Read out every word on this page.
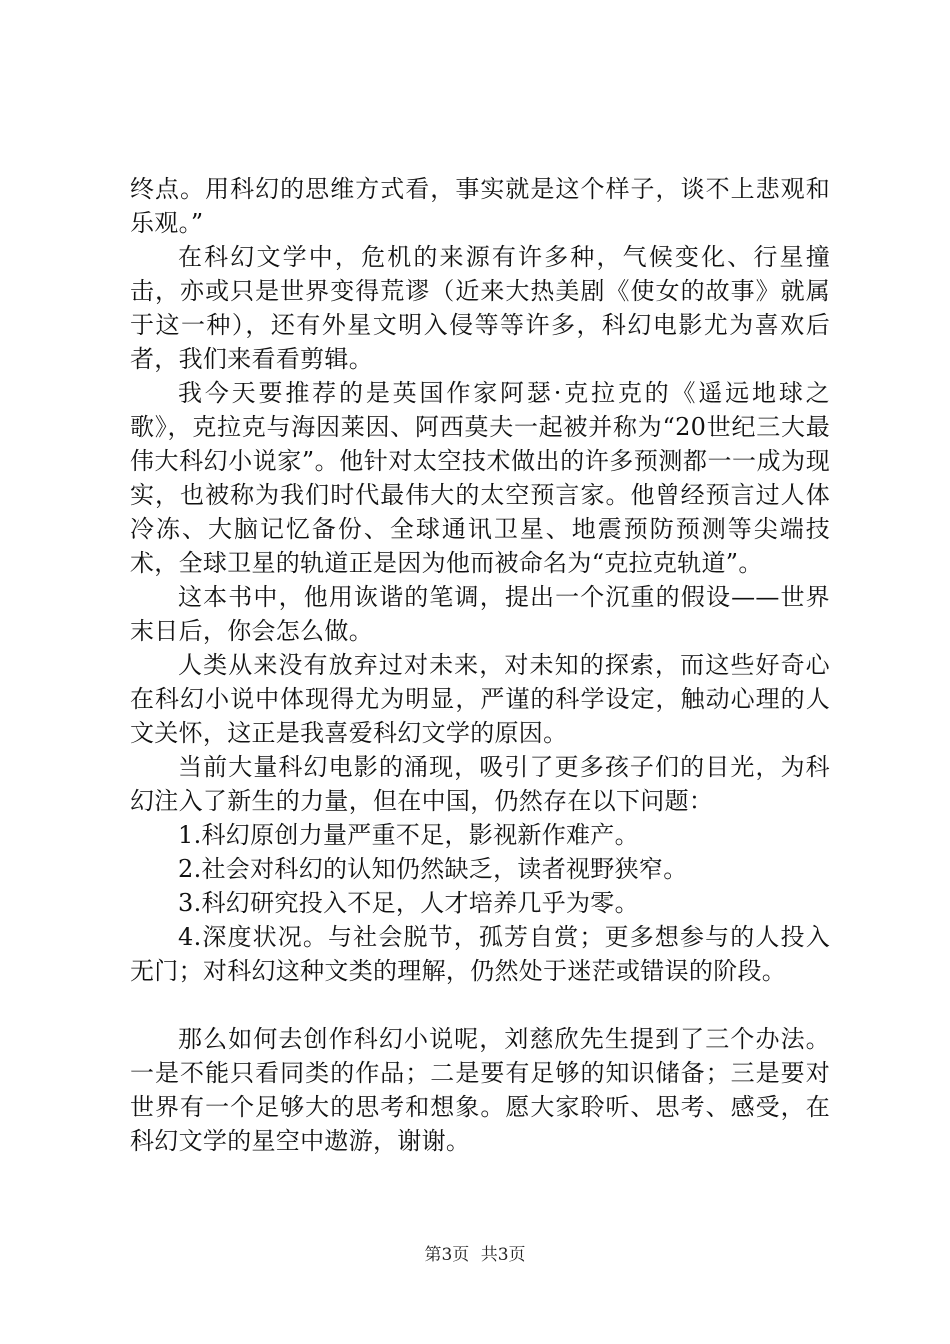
终点。用科幻的思维方式看，事实就是这个样子，谈不上悲观和乐观。”

在科幻文学中，危机的来源有许多种，气候变化、行星撞击，亦或只是世界变得荒谬（近来大热美剧《使女的故事》就属于这一种），还有外星文明入侵等等许多，科幻电影尤为喜欢后者，我们来看看剪辑。

我今天要推荐的是英国作家阿瑟·克拉克的《遥远地球之歌》，克拉克与海因莱因、阿西莫夫一起被并称为“20世纪三大最伟大科幻小说家”。他针对太空技术做出的许多预测都一一成为现实，也被称为我们时代最伟大的太空预言家。他曾经预言过人体冷冻、大脑记忆备份、全球通讯卫星、地震预防预测等尖端技术，全球卫星的轨道正是因为他而被命名为“克拉克轨道”。

这本书中，他用诙谐的笔调，提出一个沉重的假设——世界末日后，你会怎么做。

人类从来没有放弃过对未来，对未知的探索，而这些好奇心在科幻小说中体现得尤为明显，严谨的科学设定，触动心理的人文关怀，这正是我喜爱科幻文学的原因。

当前大量科幻电影的涌现，吸引了更多孩子们的目光，为科幻注入了新生的力量，但在中国，仍然存在以下问题：

1.科幻原创力量严重不足，影视新作难产。

2.社会对科幻的认知仍然缺乏，读者视野狭窄。

3.科幻研究投入不足，人才培养几乎为零。

4.深度状况。与社会脱节，孤芳自赏；更多想参与的人投入无门；对科幻这种文类的理解，仍然处于迷茫或错误的阶段。

那么如何去创作科幻小说呢，刘慈欣先生提到了三个办法。一是不能只看同类的作品；二是要有足够的知识储备；三是要对世界有一个足够大的思考和想象。愿大家聆听、思考、感受，在科幻文学的星空中遨游，谢谢。

第3页 共3页
